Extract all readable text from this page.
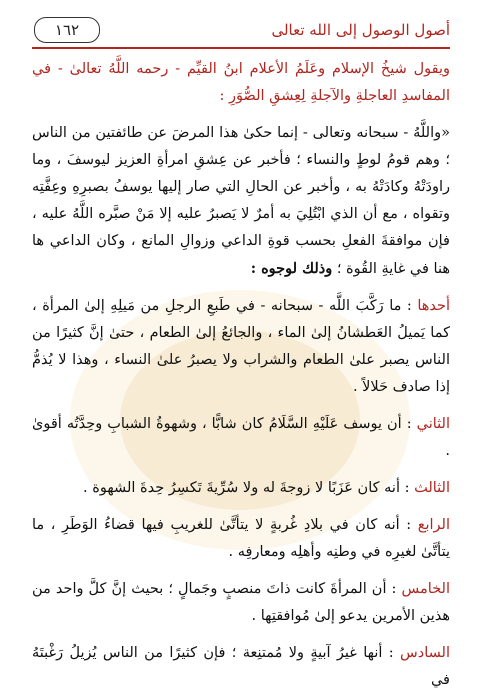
أصول الوصول إلى الله تعالى
١٦٢

ويقول شيخُ الإسلام وعَلَمُ الأعلام ابنُ القيِّم - رحمه اللَّهُ تعالىٰ - في المفاسدِ العاجلةِ والآجلةِ لِعِشقِ الصُّوَرِ :

«واللَّهُ - سبحانه وتعالى - إنما حكىٰ هذا المرضَ عن طائفتين من الناس ؛ وهم قومُ لوطٍ والنساء ؛ فأخبر عن عِشقِ امرأةِ العزيز ليوسفَ ، وما راودَتْهُ وكادَتْهُ به ، وأخبر عن الحالِ التي صار إليها يوسفُ بصبرِهِ وعِفَّتِه وتقواه ، مع أن الذي ابْتُلِيَ به أمرٌ لا يَصبرُ عليه إلا مَنْ صبَّره اللَّهُ عليه ، فإن موافقةَ الفعلِ بحسب قوةِ الداعي وزوالِ المانع ، وكان الداعي ها هنا في غايةِ القُوة ؛ وذلك لوجوه :

أحدها : ما رَكَّبَ اللَّه - سبحانه - في طَبعِ الرجلِ من مَيلِهِ إلىٰ المرأة ، كما يَميلُ العَطشانُ إلىٰ الماء ، والجائعُ إلىٰ الطعام ، حتىٰ إنَّ كثيرًا من الناس يصبر علىٰ الطعام والشراب ولا يصبرُ علىٰ النساء ، وهذا لا يُذمُّ إذا صادف حَلالاً .

الثاني : أن يوسف عَلَيْهِ السَّلَامُ كان شابًّا ، وشهوةُ الشبابِ وحِدَّتُه أقوىٰ .

الثالث : أنه كان عَزَبًا لا زوجةَ له ولا سُرِّيةَ تَكسِرُ حِدةَ الشهوة .

الرابع : أنه كان في بلادِ غُربةٍ لا يتأتَّىٰ للغريبِ فيها قضاءُ الوَطَرِ ، ما يتأتَّىٰ لغيرِه في وطنِه وأهلِه ومعارفِه .

الخامس : أن المرأةَ كانت ذاتَ منصبٍ وجَمالٍ ؛ بحيث إنَّ كلَّ واحد من هذين الأمرين يدعو إلىٰ مُوافقتِها .

السادس : أنها غيرُ آبيةٍ ولا مُمتنِعة ؛ فإن كثيرًا من الناس يُزيلُ رَغْبتَهُ في
